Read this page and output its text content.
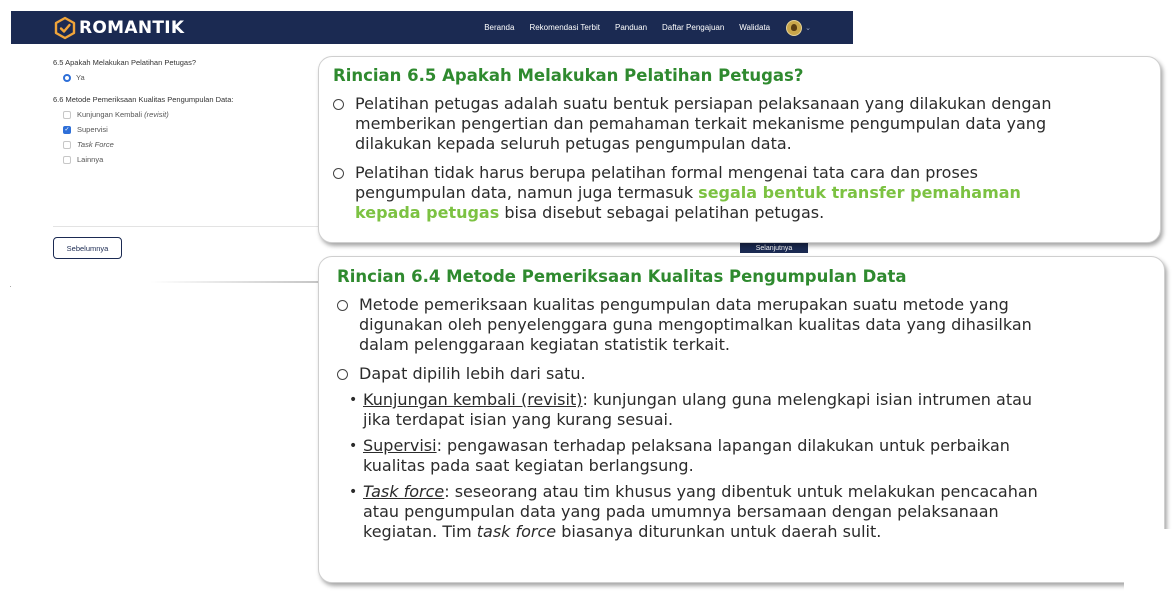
ROMANTIK	Beranda Rekomendasi Terbit Panduan Daftar Pengajuan Walidata	⌄
6.5 Apakah Melakukan Pelatihan Petugas?
Ya
6.6 Metode Pemeriksaan Kualitas Pengumpulan Data:
Kunjungan Kembali (revisit)
✓ Supervisi
Task Force
Lainnya
Sebelumnya	Selanjutnya
Rincian 6.5 Apakah Melakukan Pelatihan Petugas?
Pelatihan petugas adalah suatu bentuk persiapan pelaksanaan yang dilakukan dengan
memberikan pengertian dan pemahaman terkait mekanisme pengumpulan data yang
dilakukan kepada seluruh petugas pengumpulan data.
Pelatihan tidak harus berupa pelatihan formal mengenai tata cara dan proses
pengumpulan data, namun juga termasuk segala bentuk transfer pemahaman
kepada petugas bisa disebut sebagai pelatihan petugas.
Rincian 6.4 Metode Pemeriksaan Kualitas Pengumpulan Data
Metode pemeriksaan kualitas pengumpulan data merupakan suatu metode yang
digunakan oleh penyelenggara guna mengoptimalkan kualitas data yang dihasilkan
dalam pelenggaraan kegiatan statistik terkait.
Dapat dipilih lebih dari satu.
• Kunjungan kembali (revisit): kunjungan ulang guna melengkapi isian intrumen atau
jika terdapat isian yang kurang sesuai.
• Supervisi: pengawasan terhadap pelaksana lapangan dilakukan untuk perbaikan
kualitas pada saat kegiatan berlangsung.
• Task force: seseorang atau tim khusus yang dibentuk untuk melakukan pencacahan
atau pengumpulan data yang pada umumnya bersamaan dengan pelaksanaan
kegiatan. Tim task force biasanya diturunkan untuk daerah sulit.
